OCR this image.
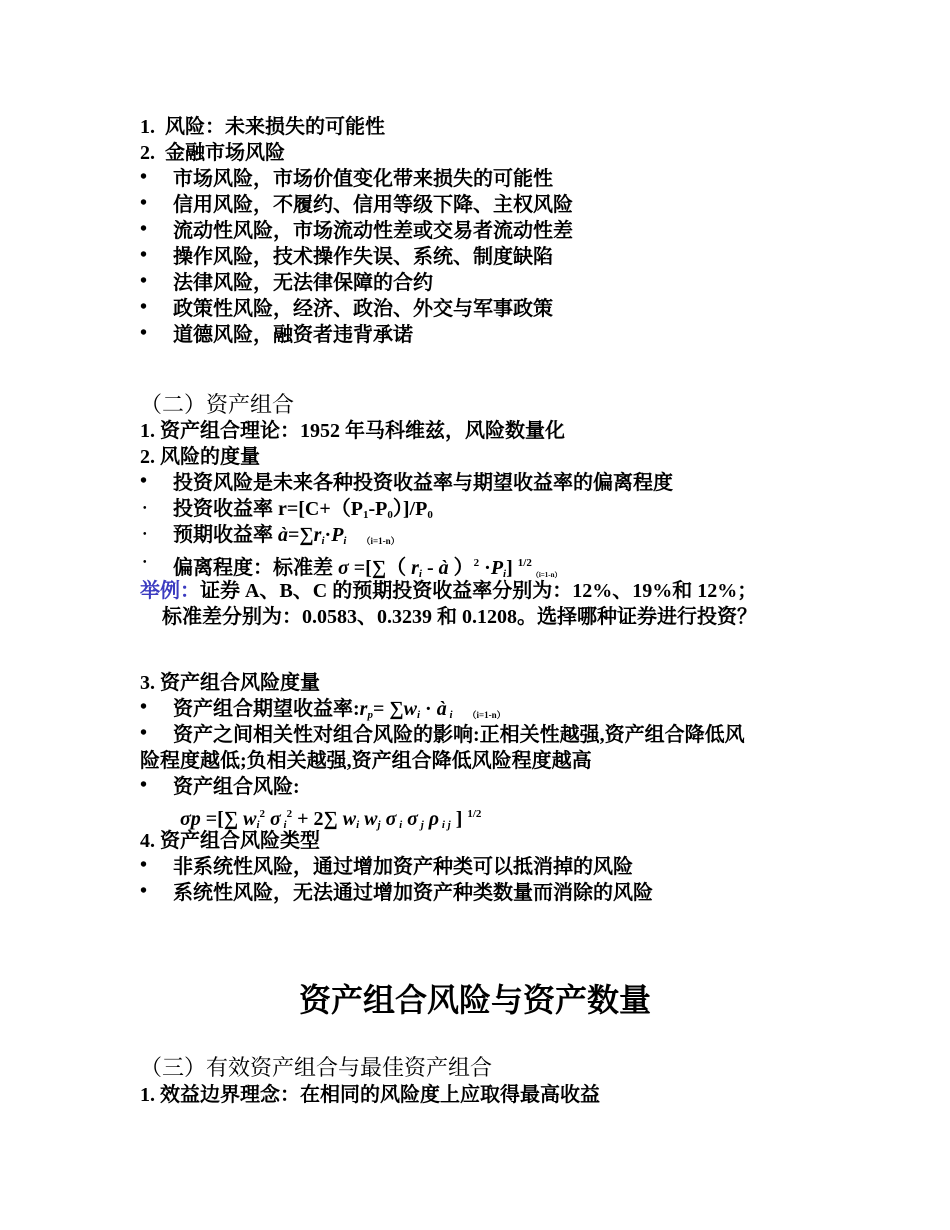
1. 风险：未来损失的可能性
2. 金融市场风险
• 市场风险，市场价值变化带来损失的可能性
• 信用风险，不履约、信用等级下降、主权风险
• 流动性风险，市场流动性差或交易者流动性差
• 操作风险，技术操作失误、系统、制度缺陷
• 法律风险，无法律保障的合约
• 政策性风险，经济、政治、外交与军事政策
• 道德风险，融资者违背承诺
（二）资产组合
1. 资产组合理论：1952 年马科维兹，风险数量化
2. 风险的度量
• 投资风险是未来各种投资收益率与期望收益率的偏离程度
• 投资收益率 $r=[C+(P_1-P_0)]/P_0$
• 预期收益率 $à=\sum r_i\cdot P_i$ （i=1-n）
• 偏离程度：标准差 σ =[∑（ $r_i$ - à ）$^2 \cdot P_i$] $^{1/2}$（i=1-n）
举例：证券 A、B、C 的预期投资收益率分别为：12%、19%和 12%；
标准差分别为：0.0583、0.3239 和 0.1208。选择哪种证券进行投资？
3. 资产组合风险度量
• 资产组合期望收益率$:r_p= \sum w_i$ · à $_i$ （i=1-n）
• 资产之间相关性对组合风险的影响:正相关性越强,资产组合降低风
险程度越低;负相关越强,资产组合降低风险程度越高
• 资产组合风险:
σp =[∑ $w_i^2$ σ $_i^2$ + 2∑ $w_i$ $w_j$ σ $_i$ σ $_j$ ρ $_{i j}$ ] $^{1/2}$
4. 资产组合风险类型
• 非系统性风险，通过增加资产种类可以抵消掉的风险
• 系统性风险，无法通过增加资产种类数量而消除的风险
资产组合风险与资产数量
（三）有效资产组合与最佳资产组合
1. 效益边界理念：在相同的风险度上应取得最高收益
